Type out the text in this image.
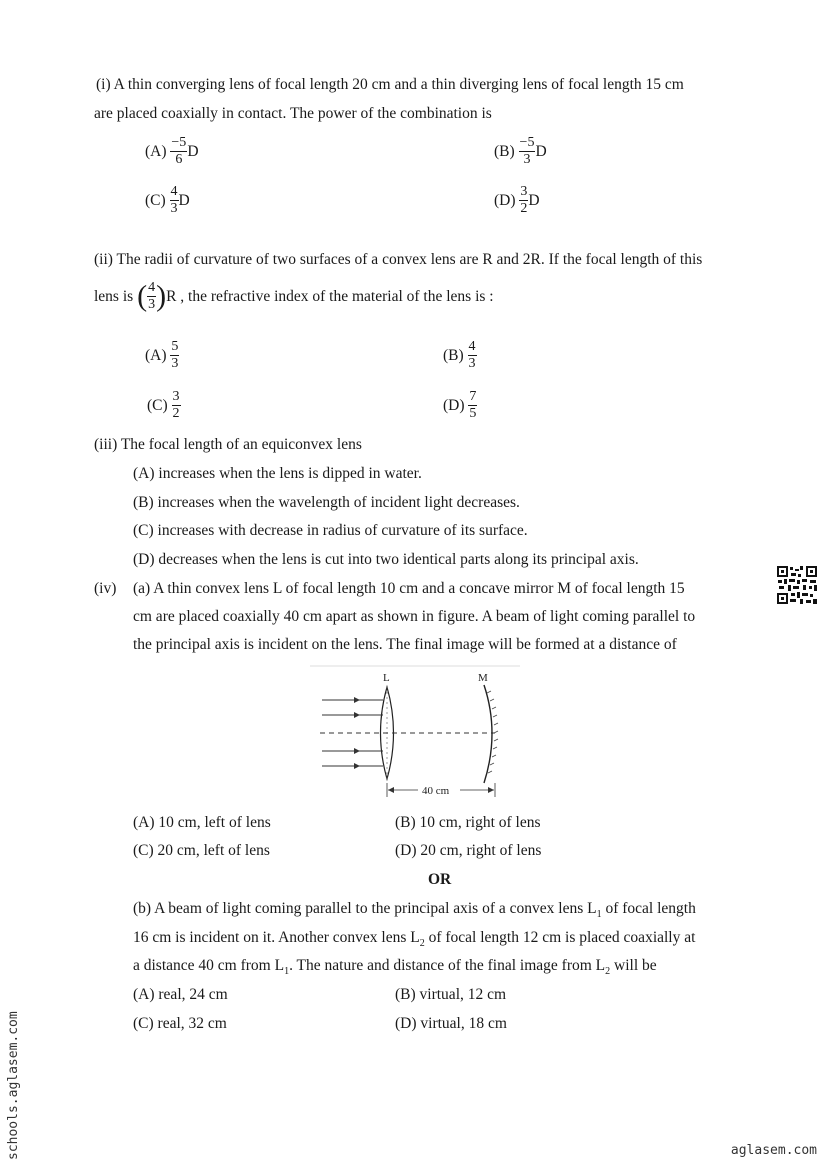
(i) A thin converging lens of focal length 20 cm and a thin diverging lens of focal length 15 cm
are placed coaxially in contact. The power of the combination is
$(A) \frac{-5}{6}$ D	$(B) \frac{-5}{3}$ D
$(C) \frac{4}{3}$ D	$(D) \frac{3}{2}$ D
(ii) The radii of curvature of two surfaces of a convex lens are R and 2R. If the focal length of this
lens is ( $\frac{4}{3} )R$ , the refractive index of the material of the lens is :
$(A) \frac{5}{3}$	$(B) \frac{4}{3}$
$(C) \frac{3}{2}$	$(D) \frac{7}{5}$
(iii) The focal length of an equiconvex lens
(A) increases when the lens is dipped in water.
(B) increases when the wavelength of incident light decreases.
(C) increases with decrease in radius of curvature of its surface.
(D) decreases when the lens is cut into two identical parts along its principal axis.
(iv) (a) A thin convex lens L of focal length 10 cm and a concave mirror M of focal length 15
cm are placed coaxially 40 cm apart as shown in figure. A beam of light coming parallel to
the principal axis is incident on the lens. The final image will be formed at a distance of
L	M
40 cm
(A) 10 cm, left of lens	(B) 10 cm, right of lens
(C) 20 cm, left of lens	(D) 20 cm, right of lens
OR
(b) A beam of light coming parallel to the principal axis of a convex lens $L_1$ of focal length
16 cm is incident on it. Another convex lens $L_2$ of focal length 12 cm is placed coaxially at
a distance 40 cm from $L_1$. The nature and distance of the final image from $L_2$ will be
(A) real, 24 cm	(B) virtual, 12 cm
(C) real, 32 cm	(D) virtual, 18 cm
schools.aglasem.com	aglasem.com
